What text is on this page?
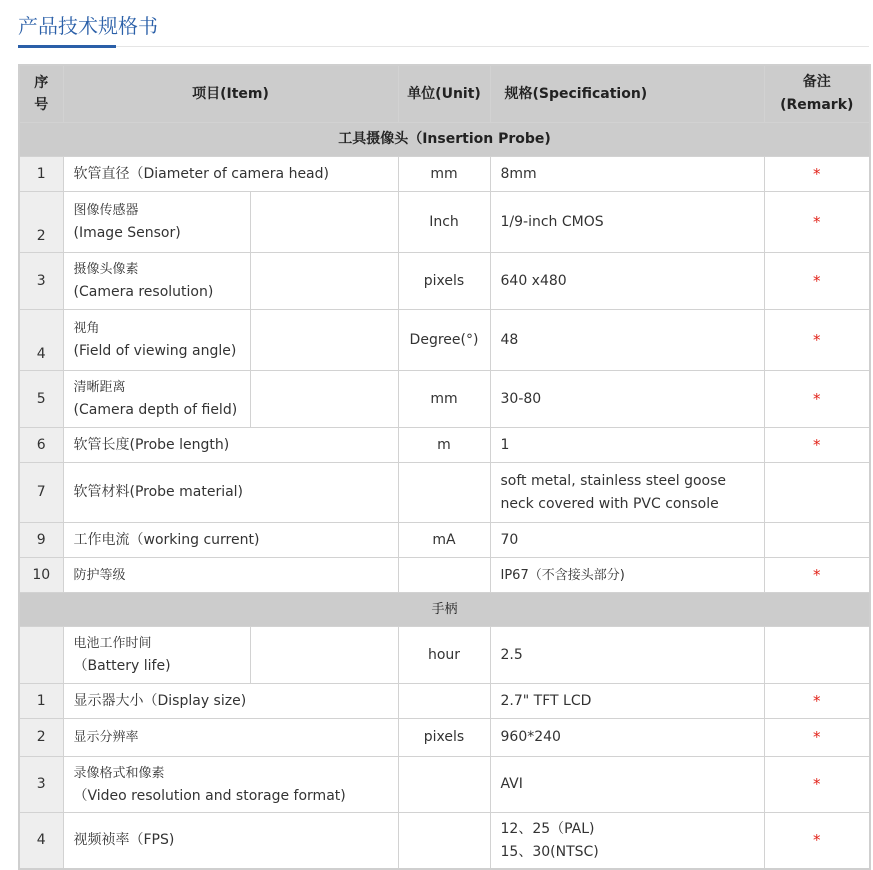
产品技术规格书
序号	项目(Item)		单位(Unit)	规格(Specification)	备注
(Remark)

工具摄像头（Insertion Probe)					
1	软管直径（Diameter of camera head)		mm	8mm	*
2	图像传感器
(Image Sensor)		Inch	1/9-inch CMOS	*
3	摄像头像素
(Camera resolution)		pixels	640 x480	*
4	视角
(Field of viewing angle)		Degree(°)	48	*
5	清晰距离
(Camera depth of field)		mm	30-80	*
6	软管长度(Probe length)		m	1	*
7	软管材料(Probe material)			soft metal, stainless steel goose
neck covered with PVC console	

9	工作电流（working current)		mA	70	
10	防护等级			IP67（不含接头部分)	*
手柄					

	电池工作时间
（Battery life)		hour	2.5	
1	显示器大小（Display size)			2.7" TFT LCD	*
2	显示分辨率		pixels	960*240	*
3	录像格式和像素
（Video resolution and storage format)			AVI	*
4	视频祯率（FPS)			12、25（PAL)
15、30(NTSC)	*
